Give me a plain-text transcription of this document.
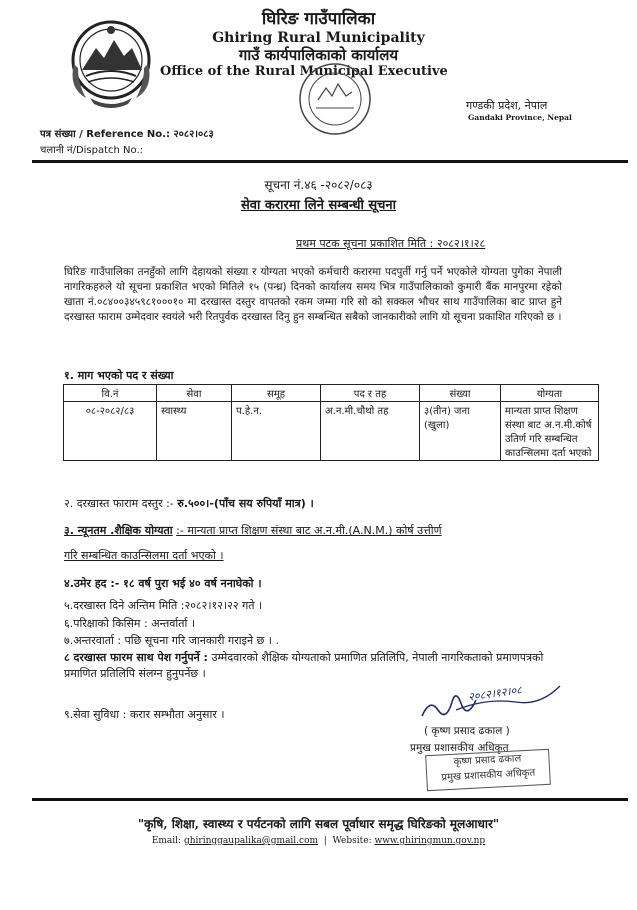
घिरिङ गाउँपालिका
Ghiring Rural Municipality
गाउँ कार्यपालिकाको कार्यालय
Office of the Rural Municipal Executive
गण्डकी प्रदेश, नेपाल
Gandaki Province, Nepal
पत्र संख्या / Reference No.: २०८२।०८३
चलानी नं/Dispatch No.:
सूचना नं.४६ -२०८२/०८३
सेवा करारमा लिने सम्बन्धी सूचना
प्रथम पटक सूचना प्रकाशित मिति : २०८२।१।२८
घिरिङ गाउँपालिका तनहुँको लागि देहायको संख्या र योग्यता भएको कर्मचारी करारमा पदपुर्ती गर्नु पर्ने भएकोले योग्यता पुगेका नेपाली नागरिकहरुले यो सूचना प्रकाशित भएको मितिले १५ (पन्ध्र) दिनको कार्यालय समय भित्र गाउँपालिकाको कुमारी बैंक मानपुरमा रहेको खाता नं.०८४००३४५९८१०००१० मा दरखास्त दस्तुर वापतको रकम जम्मा गरि सो को सक्कल भौचर साथ गाउँपालिका बाट प्राप्त हुने दरखास्त फाराम उम्मेदवार स्वयंले भरी रितपुर्वक दरखास्त दिनु हुन सम्बन्धित सबैको जानकारीको लागि यो सूचना प्रकाशित गरिएको छ ।
१. माग भएको पद र संख्या
वि.नं	सेवा	समूह	पद र तह	संख्या	योग्यता
०८-२०८२/८३	स्वास्थ्य	प.हे.न.	अ.न.मी.चौथो तह	३(तीन) जना (खुला)	मान्यता प्राप्त शिक्षण संस्था बाट अ.न.मी.कोर्ष उतिर्ण गरि सम्बन्धित काउन्सिलमा दर्ता भएको
२. दरखास्त फाराम दस्तुर :- रु.५००।-(पाँच सय रुपियाँ मात्र) ।
३. न्यूनतम .शैक्षिक योग्यता :- मान्यता प्राप्त शिक्षण संस्था बाट अ.न.मी.(A.N.M.) कोर्ष उत्तीर्ण
गरि सम्बन्धित काउन्सिलमा दर्ता भएको ।
४.उमेर हद :- १८ वर्ष पुरा भई ४० वर्ष ननाघेको ।
५.दरखास्त दिने अन्तिम मिति :२०८२।१२।२२ गते ।
६.परिक्षाको किसिम : अन्तर्वार्ता ।
७.अन्तरवार्ता : पछि सूचना गरि जानकारी गराइने छ । .
८ दरखास्त फारम साथ पेश गर्नुपर्ने : उम्मेदवारको शैक्षिक योग्यताको प्रमाणित प्रतिलिपि, नेपाली नागरिकताको प्रमाणपत्रको प्रमाणित प्रतिलिपि संलग्न हुनुपर्नेछ ।
९.सेवा सुविधा : करार सम्भौता अनुसार ।
२०८२।१२।०८
( कृष्ण प्रसाद ढकाल )
प्रमुख प्रशासकीय अधिकृत
कृष्ण प्रसाद ढकाल
प्रमुख प्रशासकीय अधिकृत
"कृषि, शिक्षा, स्वास्थ्य र पर्यटनको लागि सबल पूर्वाधार समृद्ध घिरिङको मूलआधार"
Email: ghiringgaupalika@gmail.com  |  Website: www.ghiringmun.gov.np
